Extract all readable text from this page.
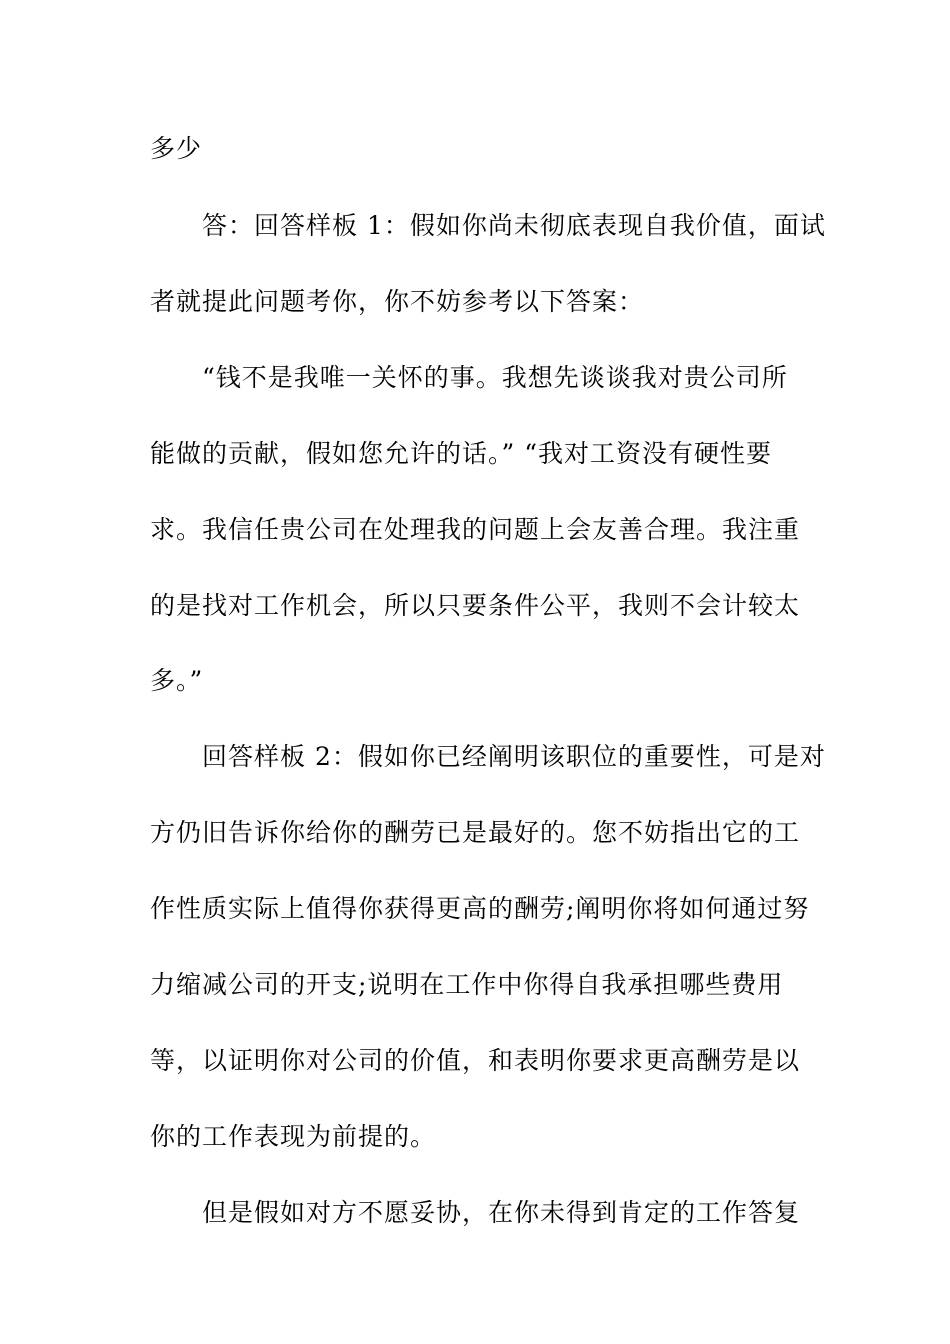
多少
答：回答样板 1：假如你尚未彻底表现自我价值，面试
者就提此问题考你，你不妨参考以下答案：
“钱不是我唯一关怀的事。我想先谈谈我对贵公司所
能做的贡献，假如您允许的话。” “我对工资没有硬性要
求。我信任贵公司在处理我的问题上会友善合理。我注重
的是找对工作机会，所以只要条件公平，我则不会计较太
多。”
回答样板 2：假如你已经阐明该职位的重要性，可是对
方仍旧告诉你给你的酬劳已是最好的。您不妨指出它的工
作性质实际上值得你获得更高的酬劳;阐明你将如何通过努
力缩减公司的开支;说明在工作中你得自我承担哪些费用
等，以证明你对公司的价值，和表明你要求更高酬劳是以
你的工作表现为前提的。
但是假如对方不愿妥协，在你未得到肯定的工作答复
